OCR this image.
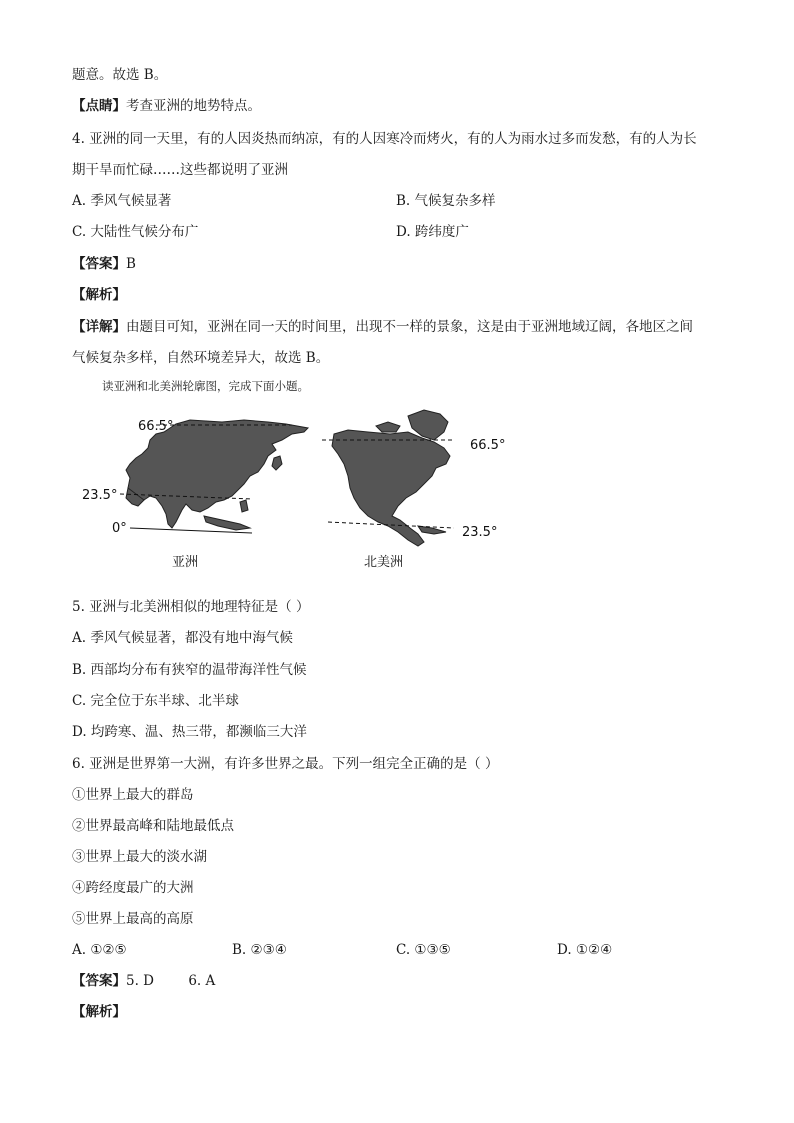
题意。故选 B。
【点睛】考查亚洲的地势特点。
4. 亚洲的同一天里，有的人因炎热而纳凉，有的人因寒冷而烤火，有的人为雨水过多而发愁，有的人为长
期干旱而忙碌……这些都说明了亚洲
A. 季风气候显著	B. 气候复杂多样
C. 大陆性气候分布广	D. 跨纬度广
【答案】B
【解析】
【详解】由题目可知，亚洲在同一天的时间里，出现不一样的景象，这是由于亚洲地域辽阔，各地区之间
气候复杂多样，自然环境差异大，故选 B。
读亚洲和北美洲轮廓图，完成下面小题。
66.5°
23.5°
0°
亚洲
66.5°
23.5°
北美洲
5. 亚洲与北美洲相似的地理特征是（ ）
A. 季风气候显著，都没有地中海气候
B. 西部均分布有狭窄的温带海洋性气候
C. 完全位于东半球、北半球
D. 均跨寒、温、热三带，都濒临三大洋
6. 亚洲是世界第一大洲，有许多世界之最。下列一组完全正确的是（ ）
①世界上最大的群岛
②世界最高峰和陆地最低点
③世界上最大的淡水湖
④跨经度最广的大洲
⑤世界上最高的高原
A. ①②⑤	B. ②③④	C. ①③⑤	D. ①②④
【答案】5. D        6. A
【解析】
